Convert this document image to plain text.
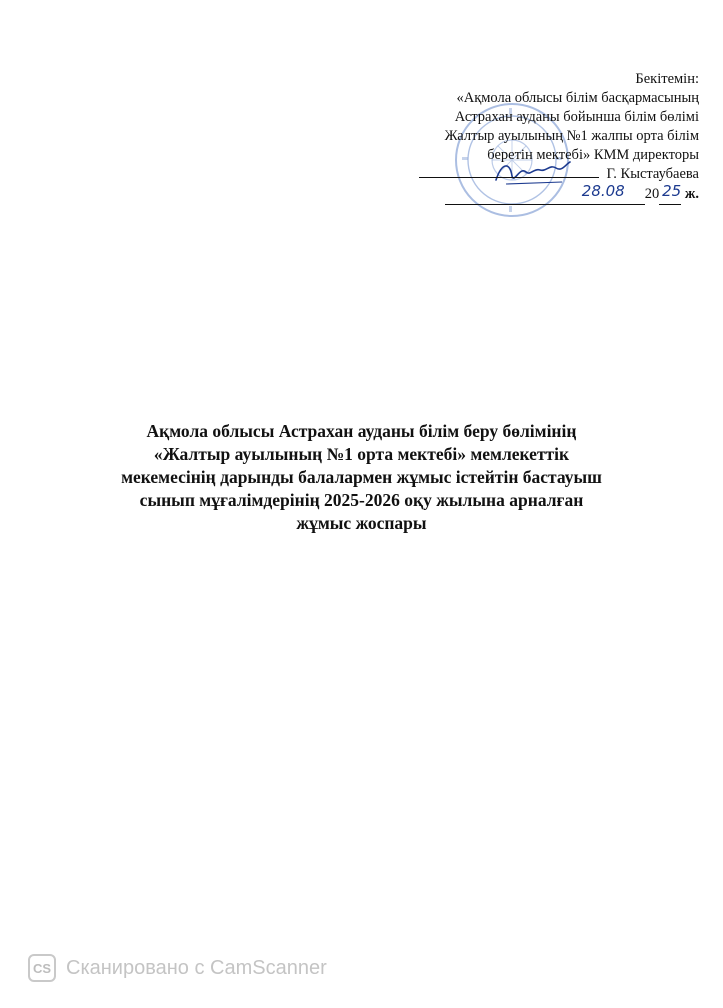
Бекітемін:
«Ақмола облысы білім басқармасының
Астрахан ауданы бойынша білім бөлімі
Жалтыр ауылының №1 жалпы орта білім
беретін мектебі» КММ директоры
Г. Кыстаубаева
28.08 20 25 ж.
Ақмола облысы Астрахан ауданы білім беру бөлімінің
«Жалтыр ауылының №1 орта мектебі» мемлекеттік
мекемесінің дарынды балалармен жұмыс істейтін бастауыш
сынып мұғалімдерінің 2025-2026 оқу жылына арналған
жұмыс жоспары
CS Сканировано с CamScanner
